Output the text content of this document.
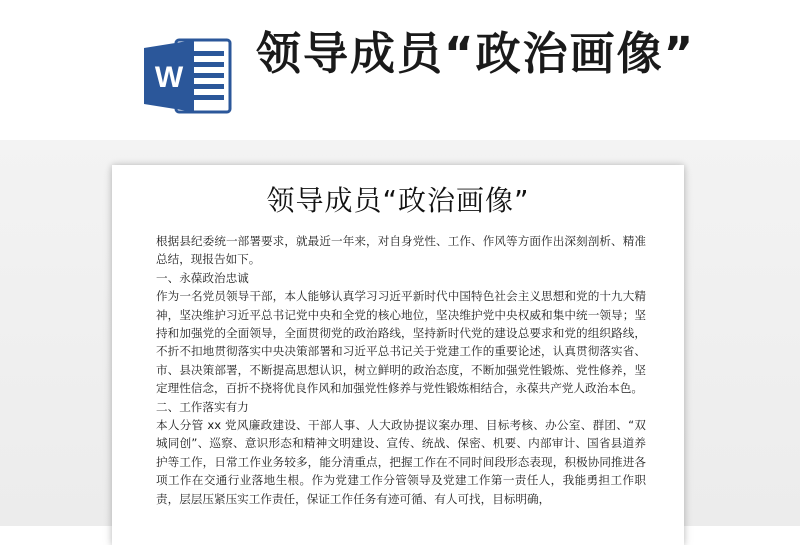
W 领导成员“政治画像”
领导成员“政治画像”

根据县纪委统一部署要求，就最近一年来，对自身党性、工作、作风等方面作出深刻剖析、精准总结，现报告如下。

一、永葆政治忠诚

作为一名党员领导干部，本人能够认真学习习近平新时代中国特色社会主义思想和党的十九大精神，坚决维护习近平总书记党中央和全党的核心地位，坚决维护党中央权威和集中统一领导；坚持和加强党的全面领导，全面贯彻党的政治路线，坚持新时代党的建设总要求和党的组织路线，不折不扣地贯彻落实中央决策部署和习近平总书记关于党建工作的重要论述，认真贯彻落实省、市、县决策部署，不断提高思想认识，树立鲜明的政治态度，不断加强党性锻炼、党性修养，坚定理性信念，百折不挠将优良作风和加强党性修养与党性锻炼相结合，永葆共产党人政治本色。

二、工作落实有力

本人分管 xx 党风廉政建设、干部人事、人大政协提议案办理、目标考核、办公室、群团、“双城同创”、巡察、意识形态和精神文明建设、宣传、统战、保密、机要、内部审计、国省县道养护等工作，日常工作业务较多，能分清重点，把握工作在不同时间段形态表现，积极协同推进各项工作在交通行业落地生根。作为党建工作分管领导及党建工作第一责任人，我能勇担工作职责，层层压紧压实工作责任，保证工作任务有迹可循、有人可找，目标明确，
